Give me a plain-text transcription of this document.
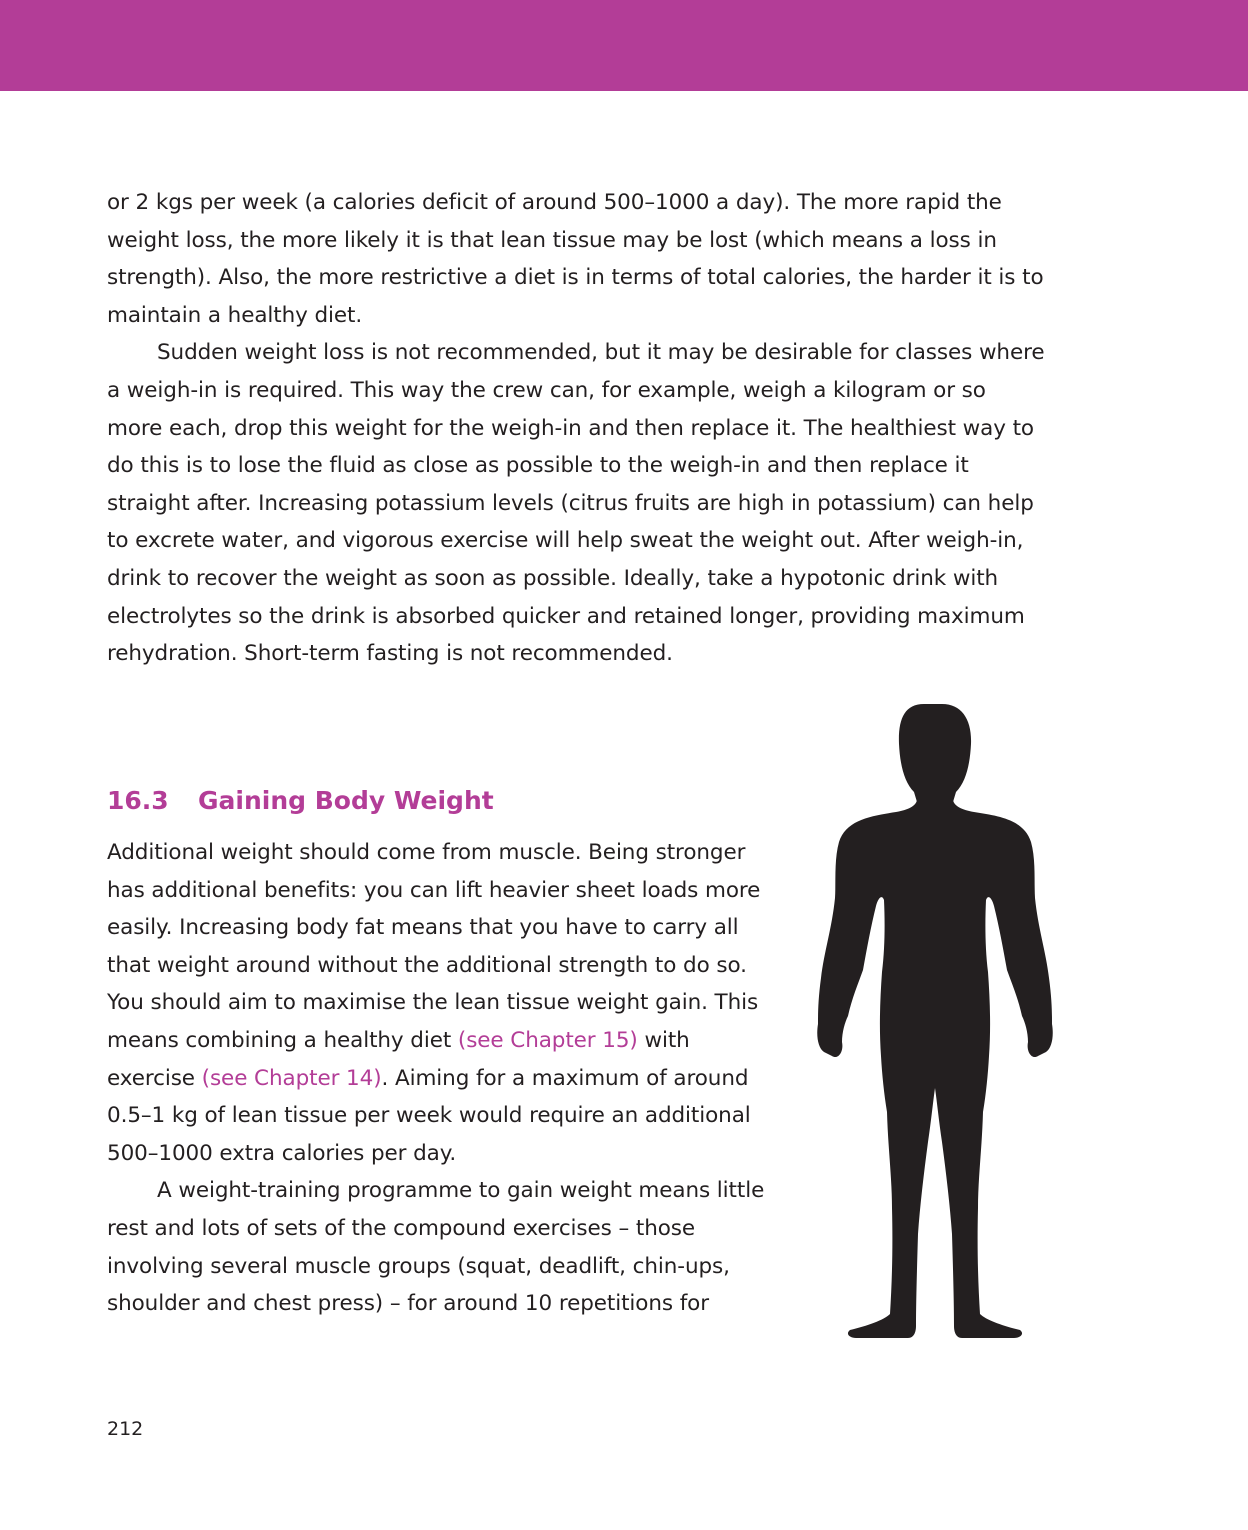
or 2 kgs per week (a calories deficit of around 500–1000 a day). The more rapid the weight loss, the more likely it is that lean tissue may be lost (which means a loss in strength). Also, the more restrictive a diet is in terms of total calories, the harder it is to maintain a healthy diet.

Sudden weight loss is not recommended, but it may be desirable for classes where a weigh-in is required. This way the crew can, for example, weigh a kilogram or so more each, drop this weight for the weigh-in and then replace it. The healthiest way to do this is to lose the fluid as close as possible to the weigh-in and then replace it straight after. Increasing potassium levels (citrus fruits are high in potassium) can help to excrete water, and vigorous exercise will help sweat the weight out. After weigh-in, drink to recover the weight as soon as possible. Ideally, take a hypotonic drink with electrolytes so the drink is absorbed quicker and retained longer, providing maximum rehydration. Short-term fasting is not recommended.

16.3 Gaining Body Weight

Additional weight should come from muscle. Being stronger has additional benefits: you can lift heavier sheet loads more easily. Increasing body fat means that you have to carry all that weight around without the additional strength to do so. You should aim to maximise the lean tissue weight gain. This means combining a healthy diet (see Chapter 15) with exercise (see Chapter 14). Aiming for a maximum of around 0.5–1 kg of lean tissue per week would require an additional 500–1000 extra calories per day.

A weight-training programme to gain weight means little rest and lots of sets of the compound exercises – those involving several muscle groups (squat, deadlift, chin-ups, shoulder and chest press) – for around 10 repetitions for

212
